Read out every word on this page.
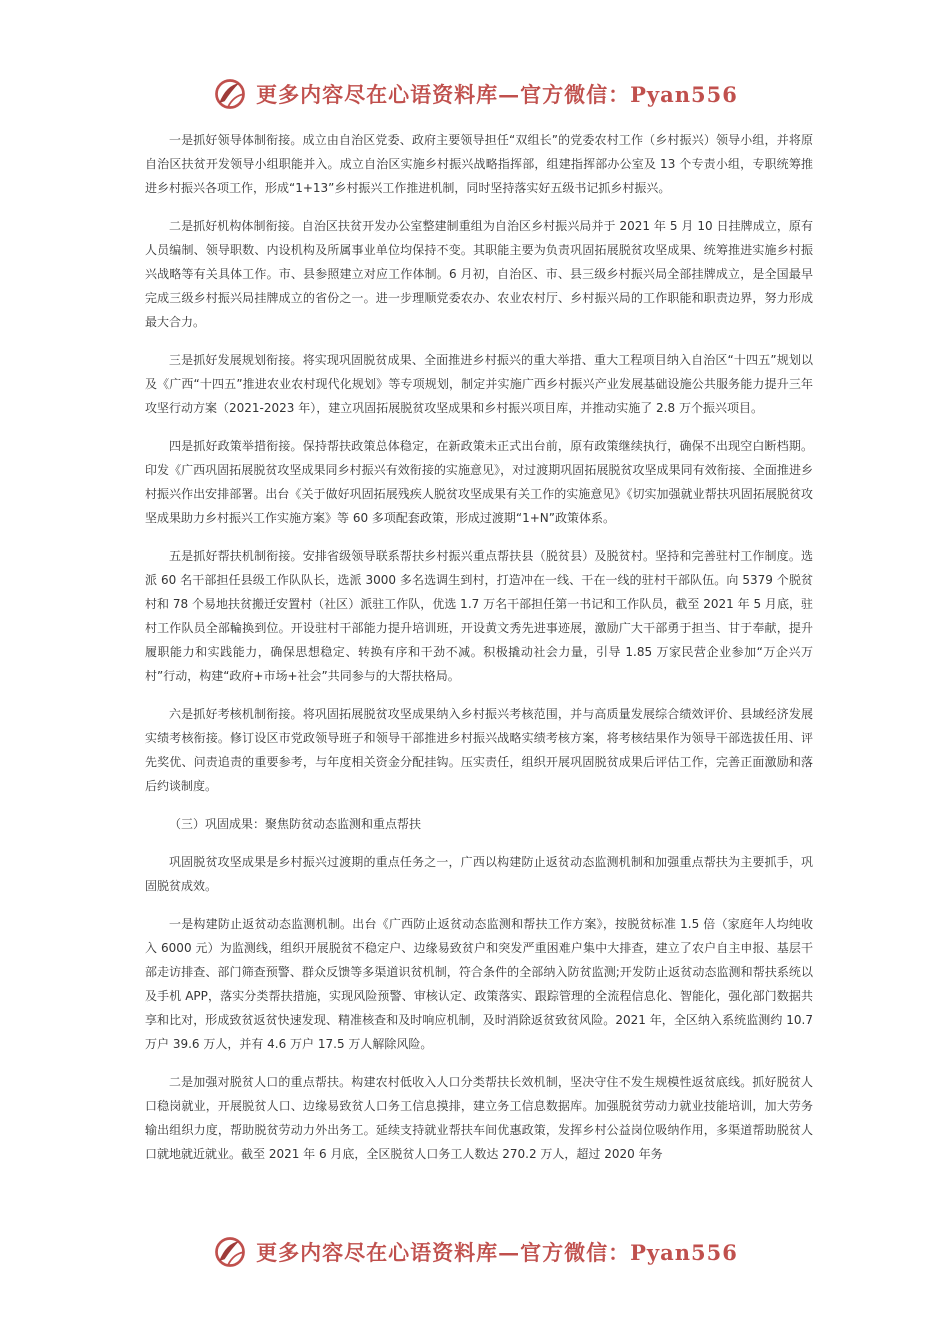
更多内容尽在心语资料库—官方微信：Pyan556

一是抓好领导体制衔接。成立由自治区党委、政府主要领导担任“双组长”的党委农村工作（乡村振兴）领导小组，并将原自治区扶贫开发领导小组职能并入。成立自治区实施乡村振兴战略指挥部，组建指挥部办公室及 13 个专责小组，专职统筹推进乡村振兴各项工作，形成“1+13”乡村振兴工作推进机制，同时坚持落实好五级书记抓乡村振兴。

二是抓好机构体制衔接。自治区扶贫开发办公室整建制重组为自治区乡村振兴局并于 2021 年 5 月 10 日挂牌成立，原有人员编制、领导职数、内设机构及所属事业单位均保持不变。其职能主要为负责巩固拓展脱贫攻坚成果、统筹推进实施乡村振兴战略等有关具体工作。市、县参照建立对应工作体制。6 月初，自治区、市、县三级乡村振兴局全部挂牌成立，是全国最早完成三级乡村振兴局挂牌成立的省份之一。进一步理顺党委农办、农业农村厅、乡村振兴局的工作职能和职责边界，努力形成最大合力。

三是抓好发展规划衔接。将实现巩固脱贫成果、全面推进乡村振兴的重大举措、重大工程项目纳入自治区“十四五”规划以及《广西“十四五”推进农业农村现代化规划》等专项规划，制定并实施广西乡村振兴产业发展基础设施公共服务能力提升三年攻坚行动方案（2021-2023 年），建立巩固拓展脱贫攻坚成果和乡村振兴项目库，并推动实施了 2.8 万个振兴项目。

四是抓好政策举措衔接。保持帮扶政策总体稳定，在新政策未正式出台前，原有政策继续执行，确保不出现空白断档期。印发《广西巩固拓展脱贫攻坚成果同乡村振兴有效衔接的实施意见》，对过渡期巩固拓展脱贫攻坚成果同有效衔接、全面推进乡村振兴作出安排部署。出台《关于做好巩固拓展残疾人脱贫攻坚成果有关工作的实施意见》《切实加强就业帮扶巩固拓展脱贫攻坚成果助力乡村振兴工作实施方案》等 60 多项配套政策，形成过渡期“1+N”政策体系。

五是抓好帮扶机制衔接。安排省级领导联系帮扶乡村振兴重点帮扶县（脱贫县）及脱贫村。坚持和完善驻村工作制度。选派 60 名干部担任县级工作队队长，选派 3000 多名选调生到村，打造冲在一线、干在一线的驻村干部队伍。向 5379 个脱贫村和 78 个易地扶贫搬迁安置村（社区）派驻工作队，优选 1.7 万名干部担任第一书记和工作队员，截至 2021 年 5 月底，驻村工作队员全部輪换到位。开设驻村干部能力提升培训班，开设黄文秀先进事迹展，激励广大干部勇于担当、甘于奉献，提升履职能力和实践能力，确保思想稳定、转换有序和干劲不减。积极撬动社会力量，引导 1.85 万家民营企业参加“万企兴万村”行动，构建“政府+市场+社会”共同参与的大帮扶格局。

六是抓好考核机制衔接。将巩固拓展脱贫攻坚成果纳入乡村振兴考核范围，并与高质量发展综合绩效评价、县域经济发展实绩考核衔接。修订设区市党政领导班子和领导干部推进乡村振兴战略实绩考核方案，将考核结果作为领导干部选拔任用、评先奖优、问责追责的重要参考，与年度相关资金分配挂钩。压实责任，组织开展巩固脱贫成果后评估工作，完善正面激励和落后约谈制度。

（三）巩固成果：聚焦防贫动态监测和重点帮扶

巩固脱贫攻坚成果是乡村振兴过渡期的重点任务之一，广西以构建防止返贫动态监测机制和加强重点帮扶为主要抓手，巩固脱贫成效。

一是构建防止返贫动态监测机制。出台《广西防止返贫动态监测和帮扶工作方案》，按脱贫标准 1.5 倍（家庭年人均纯收入 6000 元）为监测线，组织开展脱贫不稳定户、边缘易致贫户和突发严重困难户集中大排查，建立了农户自主申报、基层干部走访排查、部门筛查预警、群众反馈等多渠道识贫机制，符合条件的全部纳入防贫监测;开发防止返贫动态监测和帮扶系统以及手机 APP，落实分类帮扶措施，实现风险预警、审核认定、政策落实、跟踪管理的全流程信息化、智能化，强化部门数据共享和比对，形成致贫返贫快速发现、精准核查和及时响应机制，及时消除返贫致贫风险。2021 年，全区纳入系统监测约 10.7 万户 39.6 万人，并有 4.6 万户 17.5 万人解除风险。

二是加强对脱贫人口的重点帮扶。构建农村低收入人口分类帮扶长效机制，坚决守住不发生规模性返贫底线。抓好脱贫人口稳岗就业，开展脱贫人口、边缘易致贫人口务工信息摸排，建立务工信息数据库。加强脱贫劳动力就业技能培训，加大劳务输出组织力度，帮助脱贫劳动力外出务工。延续支持就业帮扶车间优惠政策，发挥乡村公益岗位吸纳作用，多渠道帮助脱贫人口就地就近就业。截至 2021 年 6 月底，全区脱贫人口务工人数达 270.2 万人，超过 2020 年务

更多内容尽在心语资料库—官方微信：Pyan556
